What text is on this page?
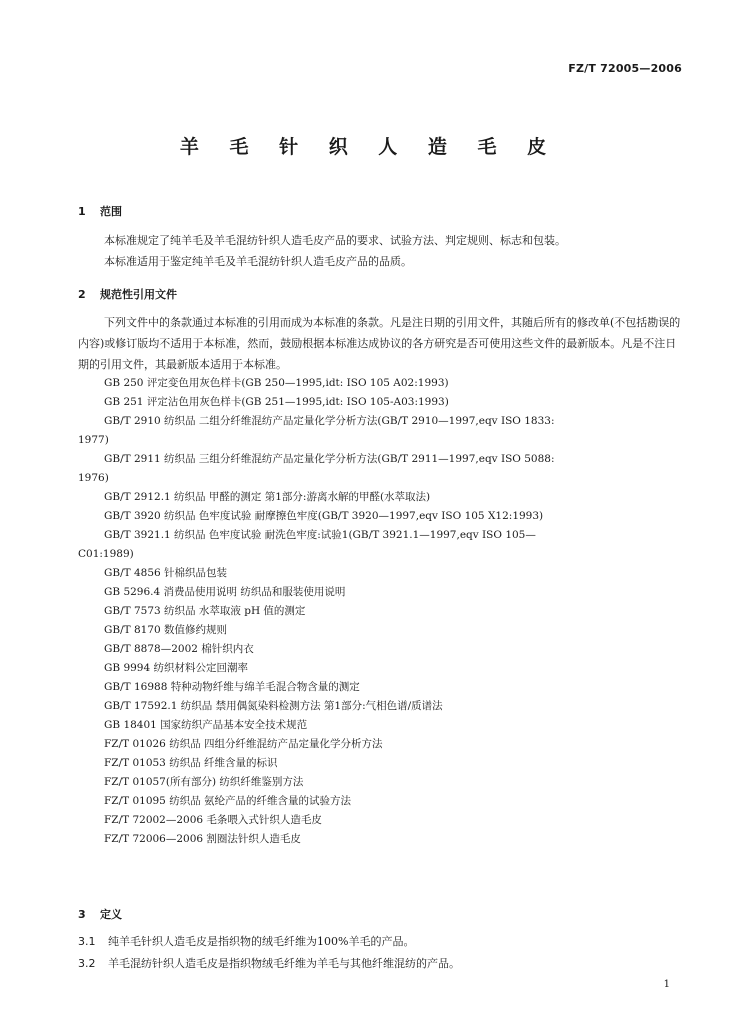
FZ/T 72005—2006
羊 毛 针 织 人 造 毛 皮
1 范围
本标准规定了纯羊毛及羊毛混纺针织人造毛皮产品的要求、试验方法、判定规则、标志和包装。
本标准适用于鉴定纯羊毛及羊毛混纺针织人造毛皮产品的品质。
2 规范性引用文件
下列文件中的条款通过本标准的引用而成为本标准的条款。凡是注日期的引用文件，其随后所有的修改单(不包括勘误的内容)或修订版均不适用于本标准，然而，鼓励根据本标准达成协议的各方研究是否可使用这些文件的最新版本。凡是不注日期的引用文件，其最新版本适用于本标准。
GB 250 评定变色用灰色样卡(GB 250—1995,idt: ISO 105 A02:1993)
GB 251 评定沾色用灰色样卡(GB 251—1995,idt: ISO 105-A03:1993)
GB/T 2910 纺织品 二组分纤维混纺产品定量化学分析方法(GB/T 2910—1997,eqv ISO 1833:
1977)
GB/T 2911 纺织品 三组分纤维混纺产品定量化学分析方法(GB/T 2911—1997,eqv ISO 5088:
1976)
GB/T 2912.1 纺织品 甲醛的测定 第1部分:游离水解的甲醛(水萃取法)
GB/T 3920 纺织品 色牢度试验 耐摩擦色牢度(GB/T 3920—1997,eqv ISO 105 X12:1993)
GB/T 3921.1 纺织品 色牢度试验 耐洗色牢度:试验1(GB/T 3921.1—1997,eqv ISO 105—
C01:1989)
GB/T 4856 针棉织品包装
GB 5296.4 消费品使用说明 纺织品和服装使用说明
GB/T 7573 纺织品 水萃取液 pH 值的测定
GB/T 8170 数值修约规则
GB/T 8878—2002 棉针织内衣
GB 9994 纺织材料公定回潮率
GB/T 16988 特种动物纤维与绵羊毛混合物含量的测定
GB/T 17592.1 纺织品 禁用偶氮染料检测方法 第1部分:气相色谱/质谱法
GB 18401 国家纺织产品基本安全技术规范
FZ/T 01026 纺织品 四组分纤维混纺产品定量化学分析方法
FZ/T 01053 纺织品 纤维含量的标识
FZ/T 01057(所有部分) 纺织纤维鉴别方法
FZ/T 01095 纺织品 氨纶产品的纤维含量的试验方法
FZ/T 72002—2006 毛条喂入式针织人造毛皮
FZ/T 72006—2006 割圈法针织人造毛皮
3 定义
3.1 纯羊毛针织人造毛皮是指织物的绒毛纤维为100%羊毛的产品。
3.2 羊毛混纺针织人造毛皮是指织物绒毛纤维为羊毛与其他纤维混纺的产品。
1
